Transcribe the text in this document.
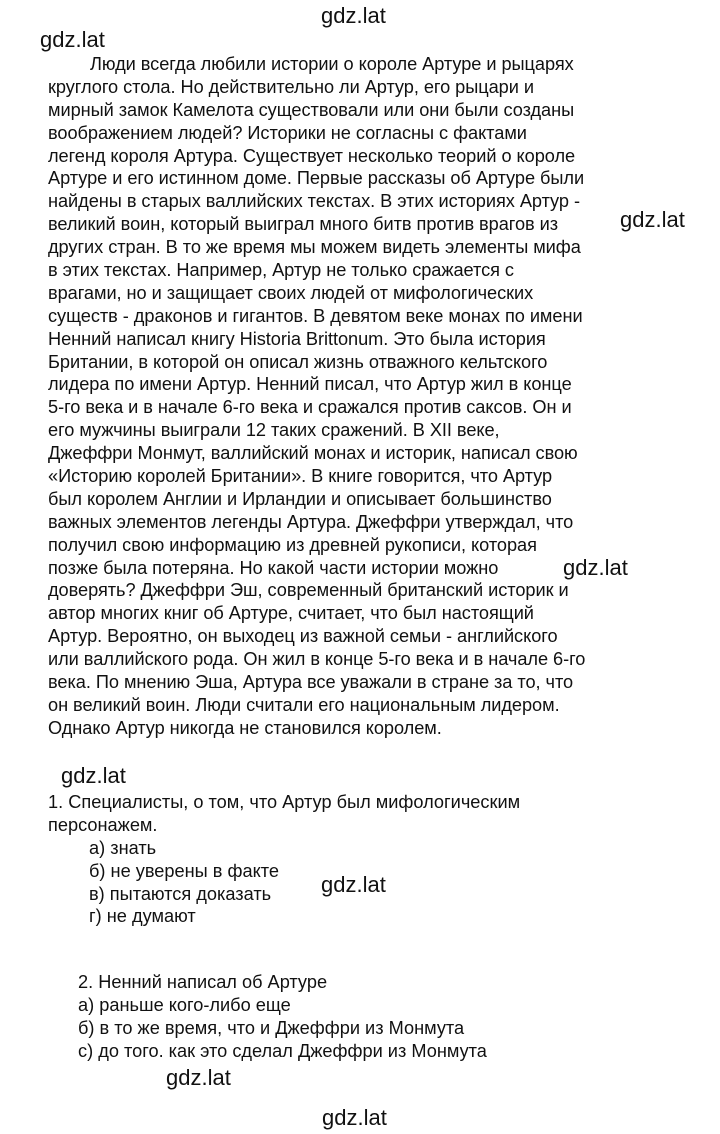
gdz.lat
gdz.lat
gdz.lat
gdz.lat
gdz.lat
gdz.lat
gdz.lat
gdz.lat
Люди всегда любили истории о короле Артуре и рыцарях
круглого стола. Но действительно ли Артур, его рыцари и
мирный замок Камелота существовали или они были созданы
воображением людей? Историки не согласны с фактами
легенд короля Артура. Существует несколько теорий о короле
Артуре и его истинном доме. Первые рассказы об Артуре были
найдены в старых валлийских текстах. В этих историях Артур -
великий воин, который выиграл много битв против врагов из
других стран. В то же время мы можем видеть элементы мифа
в этих текстах. Например, Артур не только сражается с
врагами, но и защищает своих людей от мифологических
существ - драконов и гигантов. В девятом веке монах по имени
Ненний написал книгу Historia Brittonum. Это была история
Британии, в которой он описал жизнь отважного кельтского
лидера по имени Артур. Ненний писал, что Артур жил в конце
5-го века и в начале 6-го века и сражался против саксов. Он и
его мужчины выиграли 12 таких сражений. В XII веке,
Джеффри Монмут, валлийский монах и историк, написал свою
«Историю королей Британии». В книге говорится, что Артур
был королем Англии и Ирландии и описывает большинство
важных элементов легенды Артура. Джеффри утверждал, что
получил свою информацию из древней рукописи, которая
позже была потеряна. Но какой части истории можно
доверять? Джеффри Эш, современный британский историк и
автор многих книг об Артуре, считает, что был настоящий
Артур. Вероятно, он выходец из важной семьи - английского
или валлийского рода. Он жил в конце 5-го века и в начале 6-го
века. По мнению Эша, Артура все уважали в стране за то, что
он великий воин. Люди считали его национальным лидером.
Однако Артур никогда не становился королем.
1. Специалисты, о том, что Артур был мифологическим
персонажем.
а) знать
б) не уверены в факте
в) пытаются доказать
г) не думают
2. Ненний написал об Артуре
а) раньше кого-либо еще
б) в то же время, что и Джеффри из Монмута
с) до того. как это сделал Джеффри из Монмута
